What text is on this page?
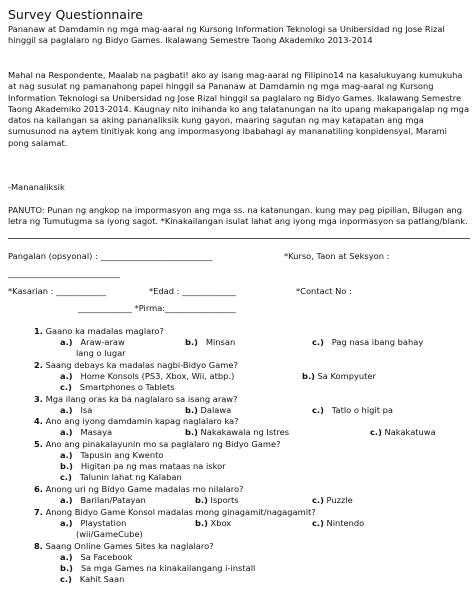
Survey Questionnaire
Pananaw at Damdamin ng mga mag-aaral ng Kursong Information Teknologi sa Unibersidad ng Jose Rizal hinggil sa paglalaro ng Bidyo Games. Ikalawang Semestre Taong Akademiko 2013-2014
Mahal na Respondente, Maalab na pagbati! ako ay isang mag-aaral ng Filipino14 na kasalukuyang kumukuha at nag susulat ng pamanahong papel hinggil sa Pananaw at Damdamin ng mga mag-aaral ng Kursong Information Teknologi sa Unibersidad ng Jose Rizal hinggil sa paglalaro ng Bidyo Games. Ikalawang Semestre Taong Akademiko 2013-2014. Kaugnay nito inihanda ko ang talatanungan na ito upang makapangalap ng mga datos na kailangan sa aking pananaliksik kung gayon, maaring sagutan ng may katapatan ang mga sumusunod na aytem tinitiyak kong ang impormasyong ibabahagi ay mananatiling konpidensyal, Marami pong salamat.
-Mananaliksik
PANUTO: Punan ng angkop na impormasyon ang mga ss. na katanungan. kung may pag pipilian, Bilugan ang letra ng Tumutugma sa iyong sagot. *Kinakailangan isulat lahat ang iyong mga inpormasyon sa patlang/blank.
Pangalan (opsyonal) : ___________________________	*Kurso, Taon at Seksyon :
___________________________
*Kasarian : ____________	*Edad : _____________	*Contact No :
_____________ *Pirma:_________________
1. Gaano ka madalas maglaro?
a.) Araw-araw	b.) Minsan	c.) Pag nasa ibang bahay
lang o lugar
2. Saang debays ka madalas nagbi-Bidyo Game?
a.) Home Konsols (PS3, Xbox, Wii, atbp.)	b.) Sa Kompyuter
c.) Smartphones o Tablets
3. Mga ilang oras ka ba naglalaro sa isang araw?
a.) Isa	b.) Dalawa	c.) Tatlo o higit pa
4. Ano ang iyong damdamin kapag naglalaro ka?
a.) Masaya	b.) Nakakawala ng Istres	c.) Nakakatuwa
5. Ano ang pinakalayunin mo sa paglalaro ng Bidyo Game?
a.) Tapusin ang Kwento
b.) Higitan pa ng mas mataas na iskor
c.) Talunin lahat ng Kalaban
6. Anong uri ng Bidyo Game madalas mo nilalaro?
a.) Barilan/Patayan	b.) Isports	c.) Puzzle
7. Anong Bidyo Game Konsol madalas mong ginagamit/nagagamit?
a.) Playstation	b.) Xbox	c.) Nintendo
(wii/GameCube)
8. Saang Online Games Sites ka naglalaro?
a.) Sa Facebook
b.) Sa mga Games na kinakailangang i-install
c.) Kahit Saan
